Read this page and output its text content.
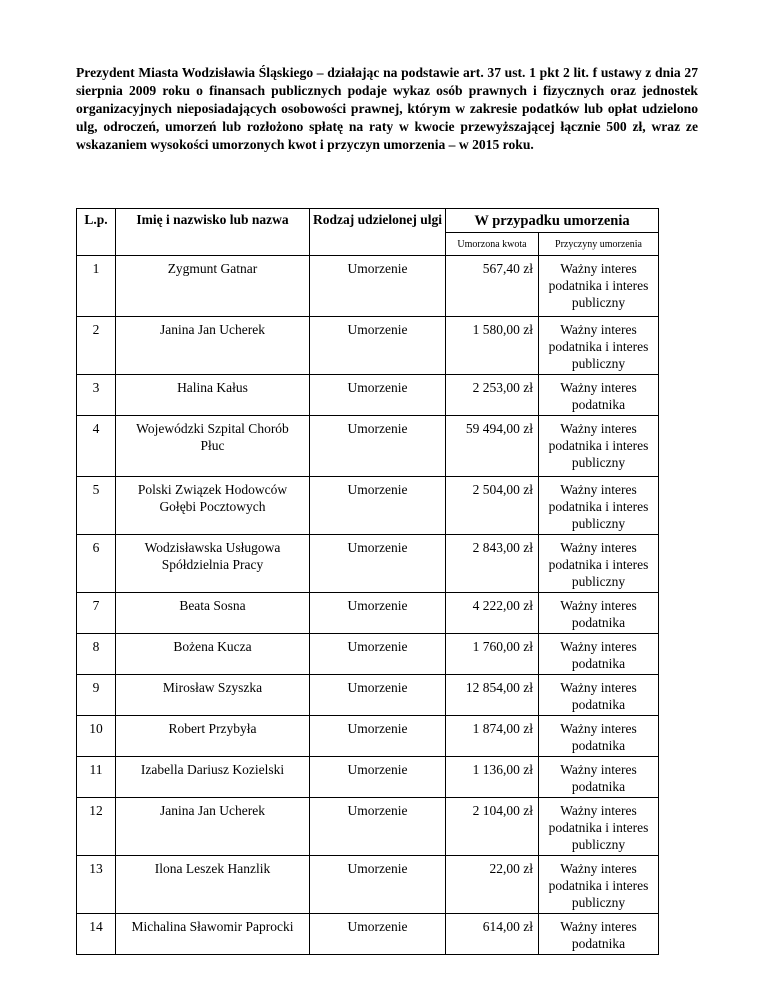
Prezydent Miasta Wodzisławia Śląskiego – działając na podstawie art. 37 ust. 1 pkt 2 lit. f ustawy z dnia 27 sierpnia 2009 roku o finansach publicznych podaje wykaz osób prawnych i fizycznych oraz jednostek organizacyjnych nieposiadających osobowości prawnej, którym w zakresie podatków lub opłat udzielono ulg, odroczeń, umorzeń lub rozłożono spłatę na raty w kwocie przewyższającej łącznie 500 zł, wraz ze wskazaniem wysokości umorzonych kwot i przyczyn umorzenia – w 2015 roku.

L.p.	Imię i nazwisko lub nazwa	Rodzaj udzielonej ulgi	W przypadku umorzenia	
			Umorzona kwota	Przyczyny umorzenia
1	Zygmunt Gatnar	Umorzenie	567,40 zł	Ważny interes
podatnika i interes
publiczny
2	Janina Jan Ucherek	Umorzenie	1 580,00 zł	Ważny interes
podatnika i interes
publiczny
3	Halina Kałus	Umorzenie	2 253,00 zł	Ważny interes
podatnika
4	Wojewódzki Szpital Chorób
Płuc	Umorzenie	59 494,00 zł	Ważny interes
podatnika i interes
publiczny
5	Polski Związek Hodowców
Gołębi Pocztowych	Umorzenie	2 504,00 zł	Ważny interes
podatnika i interes
publiczny
6	Wodzisławska Usługowa
Spółdzielnia Pracy	Umorzenie	2 843,00 zł	Ważny interes
podatnika i interes
publiczny
7	Beata Sosna	Umorzenie	4 222,00 zł	Ważny interes
podatnika
8	Bożena Kucza	Umorzenie	1 760,00 zł	Ważny interes
podatnika
9	Mirosław Szyszka	Umorzenie	12 854,00 zł	Ważny interes
podatnika
10	Robert Przybyła	Umorzenie	1 874,00 zł	Ważny interes
podatnika
11	Izabella Dariusz Kozielski	Umorzenie	1 136,00 zł	Ważny interes
podatnika
12	Janina Jan Ucherek	Umorzenie	2 104,00 zł	Ważny interes
podatnika i interes
publiczny
13	Ilona Leszek Hanzlik	Umorzenie	22,00 zł	Ważny interes
podatnika i interes
publiczny
14	Michalina Sławomir Paprocki	Umorzenie	614,00 zł	Ważny interes
podatnika
